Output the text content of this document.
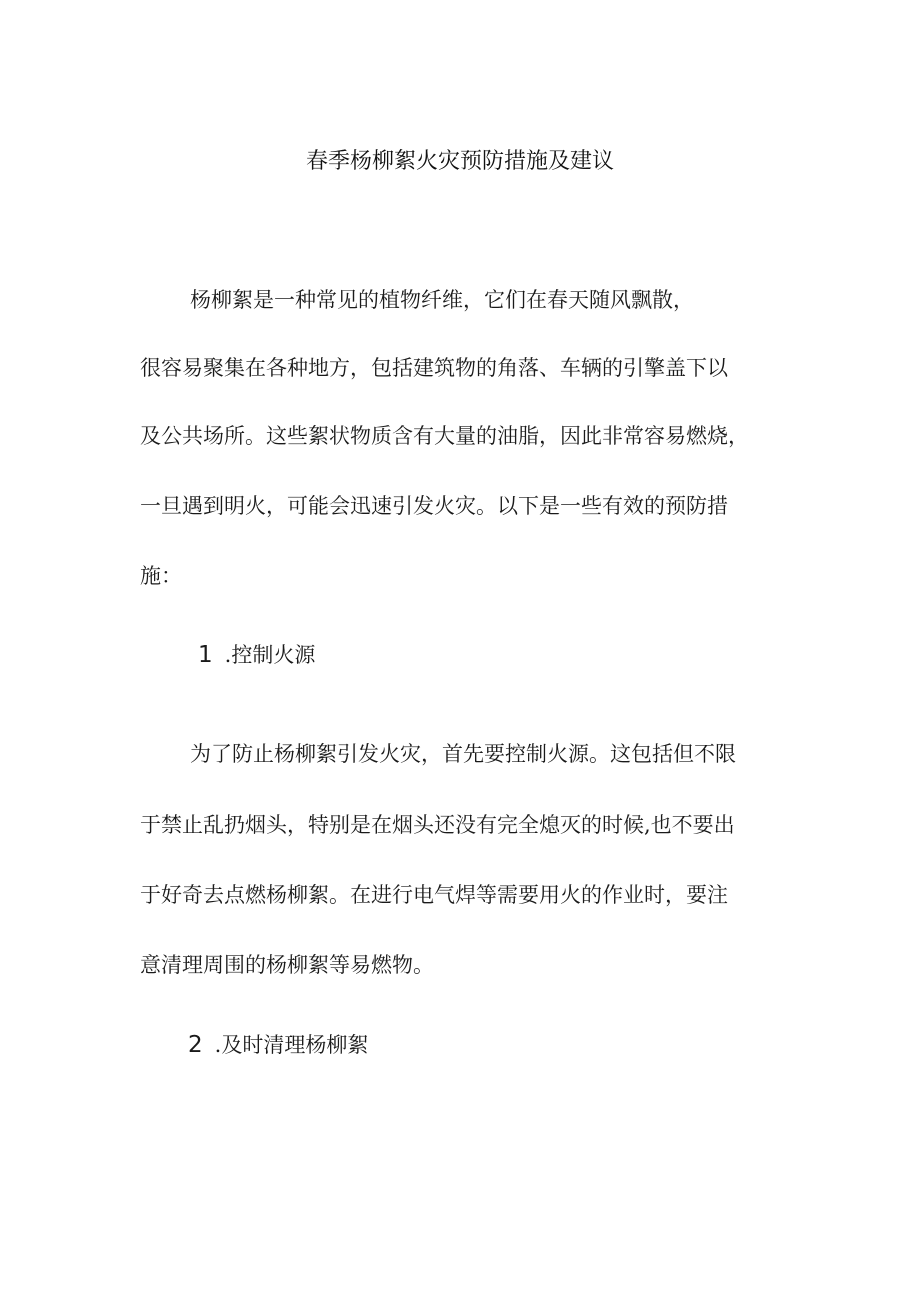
春季杨柳絮火灾预防措施及建议
杨柳絮是一种常见的植物纤维，它们在春天随风飘散，
很容易聚集在各种地方，包括建筑物的角落、车辆的引擎盖下以
及公共场所。这些絮状物质含有大量的油脂，因此非常容易燃烧，
一旦遇到明火，可能会迅速引发火灾。以下是一些有效的预防措
施：
1 .控制火源
为了防止杨柳絮引发火灾，首先要控制火源。这包括但不限
于禁止乱扔烟头，特别是在烟头还没有完全熄灭的时候,也不要出
于好奇去点燃杨柳絮。在进行电气焊等需要用火的作业时，要注
意清理周围的杨柳絮等易燃物。
2 .及时清理杨柳絮
